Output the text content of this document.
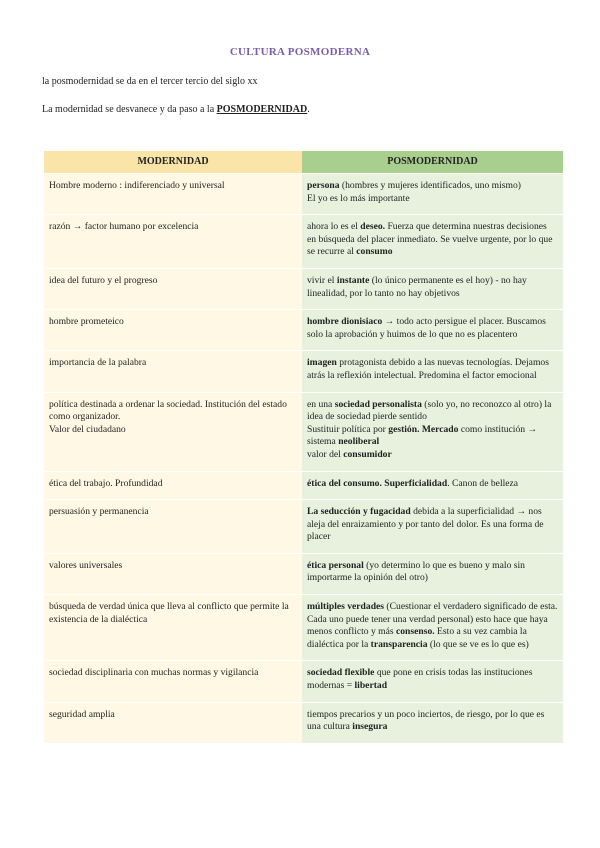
CULTURA POSMODERNA
la posmodernidad se da en el tercer tercio del siglo xx
La modernidad se desvanece y da paso a la POSMODERNIDAD.
MODERNIDAD	POSMODERNIDAD
Hombre moderno : indiferenciado y universal	persona (hombres y mujeres identificados, uno mismo)
El yo es lo más importante
razón → factor humano por excelencia	ahora lo es el deseo. Fuerza que determina nuestras decisiones en búsqueda del placer inmediato. Se vuelve urgente, por lo que se recurre al consumo
idea del futuro y el progreso	vivir el instante (lo único permanente es el hoy) - no hay linealidad, por lo tanto no hay objetivos
hombre prometeico	hombre dionisiaco → todo acto persigue el placer. Buscamos solo la aprobación y huimos de lo que no es placentero
importancia de la palabra	imagen protagonista debido a las nuevas tecnologías. Dejamos atrás la reflexión intelectual. Predomina el factor emocional
política destinada a ordenar la sociedad. Institución del estado como organizador.
Valor del ciudadano	en una sociedad personalista (solo yo, no reconozco al otro) la idea de sociedad pierde sentido
Sustituir política por gestión. Mercado como institución → sistema neoliberal
valor del consumidor
ética del trabajo. Profundidad	ética del consumo. Superficialidad. Canon de belleza
persuasión y permanencia	La seducción y fugacidad debida a la superficialidad → nos aleja del enraizamiento y por tanto del dolor. Es una forma de placer
valores universales	ética personal (yo determino lo que es bueno y malo sin importarme la opinión del otro)
búsqueda de verdad única que lleva al conflicto que permite la existencia de la dialéctica	múltiples verdades (Cuestionar el verdadero significado de esta. Cada uno puede tener una verdad personal) esto hace que haya menos conflicto y más consenso. Esto a su vez cambia la dialéctica por la transparencia (lo que se ve es lo que es)
sociedad disciplinaria con muchas normas y vigilancia	sociedad flexible que pone en crisis todas las instituciones modernas = libertad
seguridad amplia	tiempos precarios y un poco inciertos, de riesgo, por lo que es una cultura insegura
